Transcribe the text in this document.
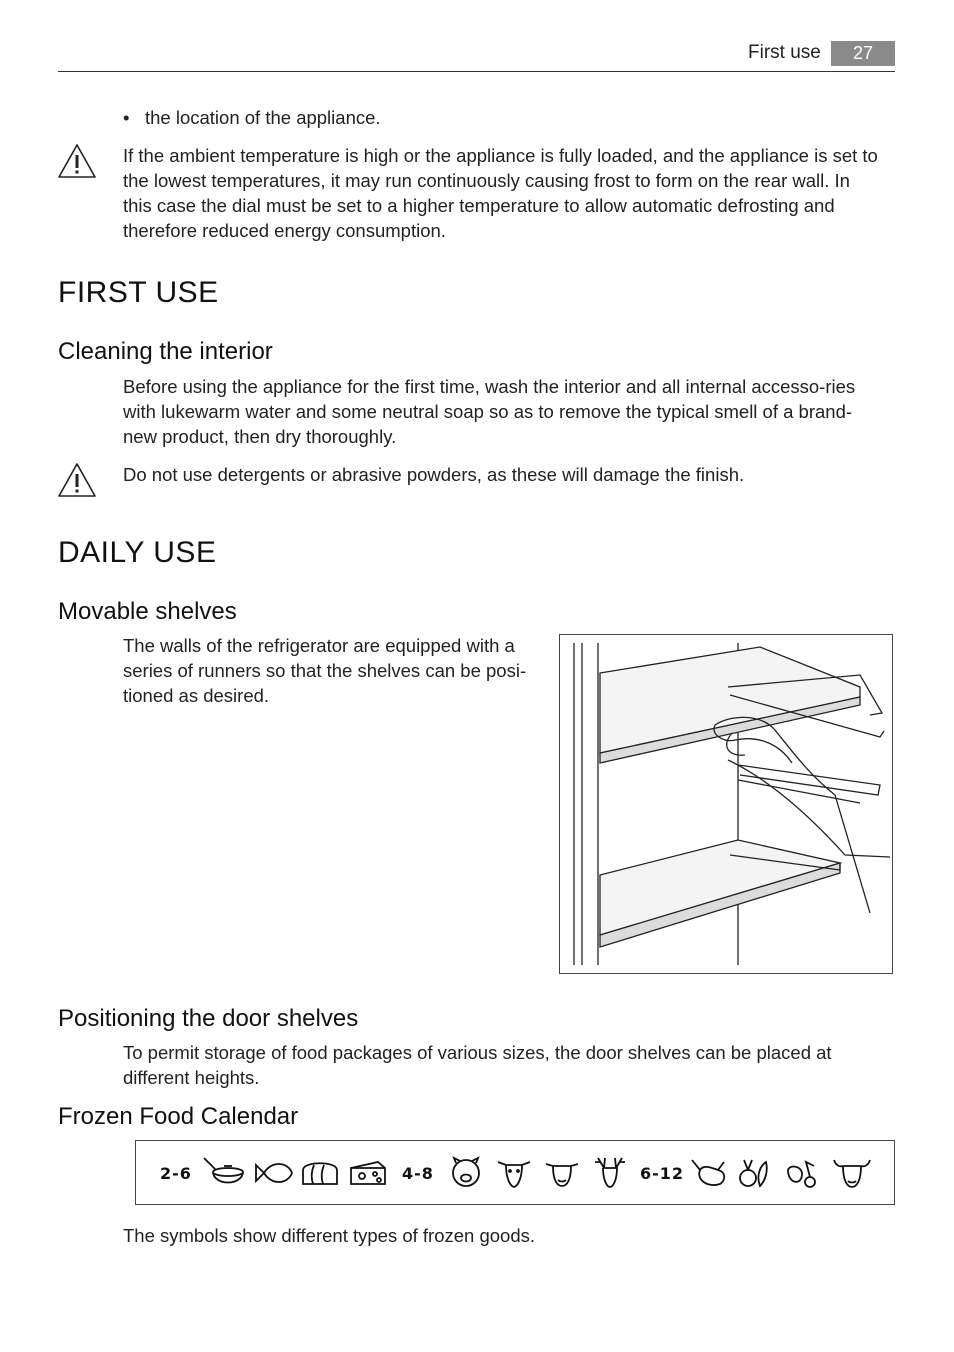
First use	27
• the location of the appliance.
If the ambient temperature is high or the appliance is fully loaded, and the appliance is set to the lowest temperatures, it may run continuously causing frost to form on the rear wall. In this case the dial must be set to a higher temperature to allow automatic defrosting and therefore reduced energy consumption.
FIRST USE
Cleaning the interior
Before using the appliance for the first time, wash the interior and all internal accesso-ries with lukewarm water and some neutral soap so as to remove the typical smell of a brand-new product, then dry thoroughly.
Do not use detergents or abrasive powders, as these will damage the finish.
DAILY USE
Movable shelves
The walls of the refrigerator are equipped with a series of runners so that the shelves can be posi-tioned as desired.
Positioning the door shelves
To permit storage of food packages of various sizes, the door shelves can be placed at different heights.
Frozen Food Calendar
2-6	4-8	6-12
The symbols show different types of frozen goods.
